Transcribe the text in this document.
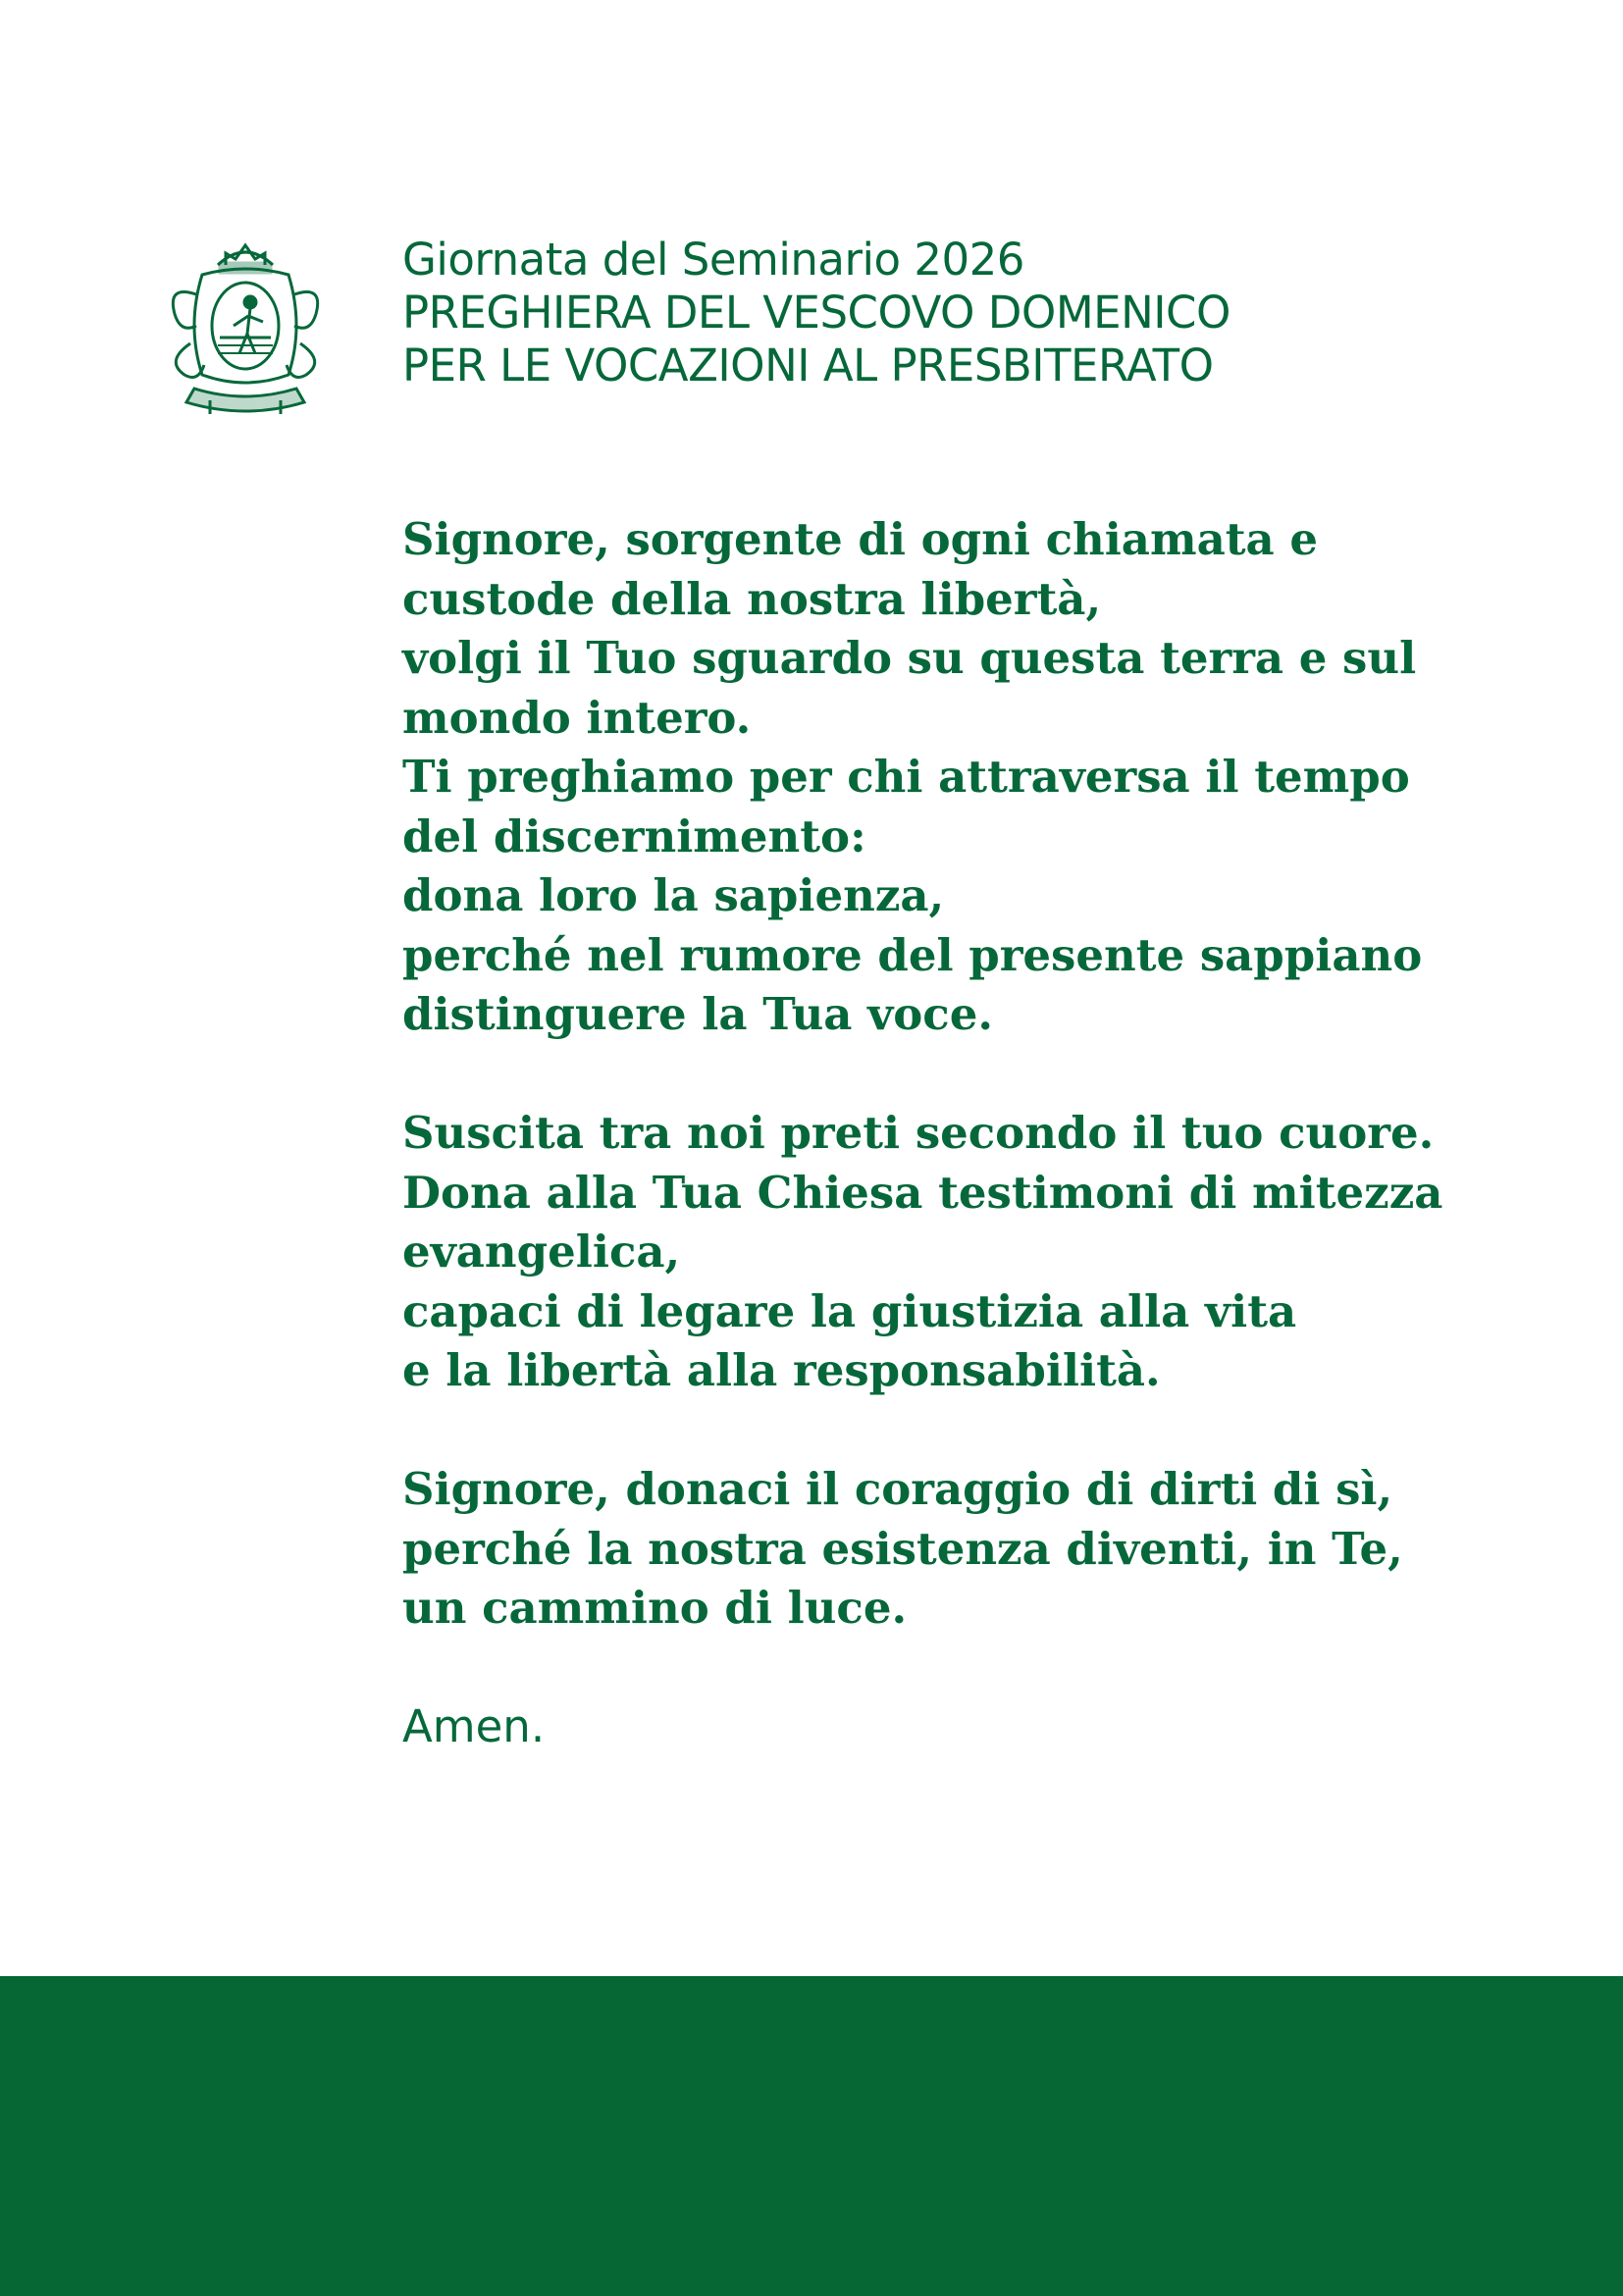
Giornata del Seminario 2026
PREGHIERA DEL VESCOVO DOMENICO
PER LE VOCAZIONI AL PRESBITERATO
Signore, sorgente di ogni chiamata e
custode della nostra libertà,
volgi il Tuo sguardo su questa terra e sul
mondo intero.
Ti preghiamo per chi attraversa il tempo
del discernimento:
dona loro la sapienza,
perché nel rumore del presente sappiano
distinguere la Tua voce.
Suscita tra noi preti secondo il tuo cuore.
Dona alla Tua Chiesa testimoni di mitezza
evangelica,
capaci di legare la giustizia alla vita
e la libertà alla responsabilità.
Signore, donaci il coraggio di dirti di sì,
perché la nostra esistenza diventi, in Te,
un cammino di luce.
Amen.
